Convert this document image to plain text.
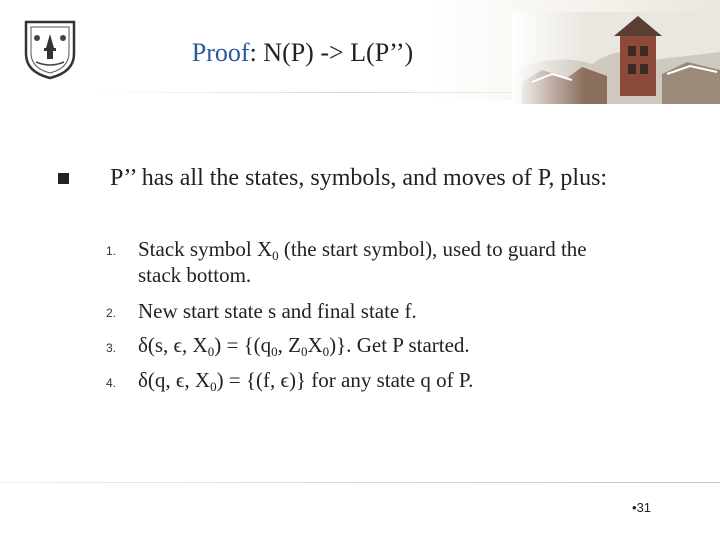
Proof: N(P) -> L(P’’)
P’’ has all the states, symbols, and moves of P, plus:
1. Stack symbol $X_0$ (the start symbol), used to guard the
stack bottom.
2. New start state s and final state f.
3. δ(s, ϵ, $X_0) = \{(q_0$, $Z_0X_0$)}. Get P started.
4. δ(q, ϵ, $X_0) = \{(f$, ϵ)} for any state q of P.
•31
